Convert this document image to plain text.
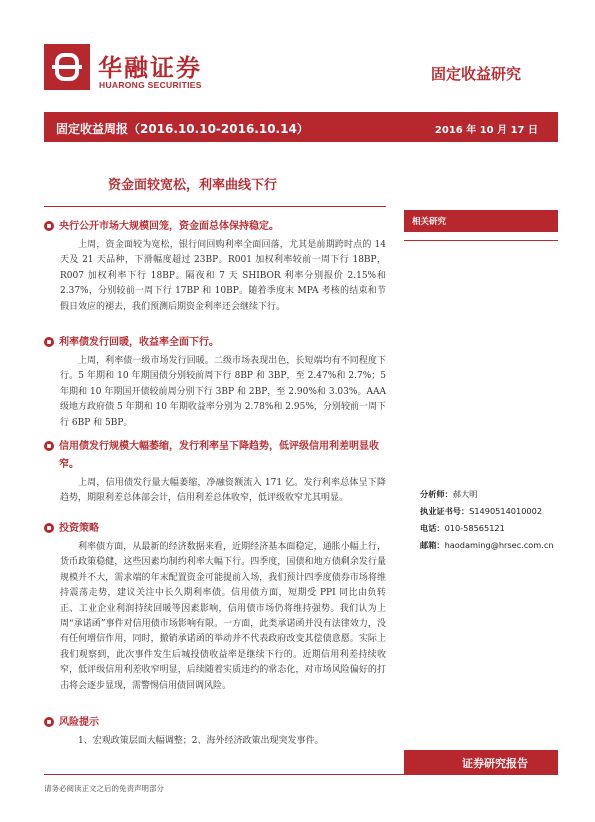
华融证券
HUARONG SECURITIES
固定收益研究
固定收益周报（2016.10.10-2016.10.14）	2016 年 10 月 17 日
资金面较宽松，利率曲线下行
央行公开市场大规模回笼，资金面总体保持稳定。

上周，资金面较为宽松，银行间回购利率全面回落，尤其是前期跨时点的 14 天及 21 天品种，下滑幅度超过 23BP。R001 加权利率较前一周下行 18BP，R007 加权利率下行 18BP。隔夜和 7 天 SHIBOR 利率分别报价 2.15%和 2.37%，分别较前一周下行 17BP 和 10BP。随着季度末 MPA 考核的结束和节假日效应的褪去，我们预测后期资金利率还会继续下行。

利率债发行回暖，收益率全面下行。

上周，利率债一级市场发行回暖。二级市场表现出色，长短端均有不同程度下行。5 年期和 10 年期国债分别较前周下行 8BP 和 3BP，至 2.47%和 2.7%；5 年期和 10 年期国开债较前周分别下行 3BP 和 2BP，至 2.90%和 3.03%。AAA 级地方政府债 5 年期和 10 年期收益率分别为 2.78%和 2.95%，分别较前一周下行 6BP 和 5BP。

信用债发行规模大幅萎缩，发行利率呈下降趋势，低评级信用利差明显收窄。

上周，信用债发行量大幅萎缩，净融资额流入 171 亿。发行利率总体呈下降趋势，期限利差总体部会计，信用利差总体收窄，低评级收窄尤其明显。

投资策略

利率债方面，从最新的经济数据来看，近期经济基本面稳定，通胀小幅上行，货币政策稳健，这些因素均制约利率大幅下行。四季度，国债和地方债剩余发行量规模并不大，需求端的年末配置资金可能提前入场，我们预计四季度债券市场将维持震荡走势，建议关注中长久期利率债。信用债方面，短期受 PPI 同比由负转正、工业企业利润持续回暖等因素影响，信用债市场仍将维持强势。我们认为上周“承诺函”事件对信用债市场影响有限。一方面，此类承诺函并没有法律效力，没有任何增信作用，同时，撤销承诺函的举动并不代表政府改变其偿债意愿。实际上我们观察到，此次事件发生后城投债收益率是继续下行的。近期信用利差持续收窄，低评级信用利差收窄明显，后续随着实质违约的常态化，对市场风险偏好的打击将会逐步显现，需警惕信用债回调风险。

风险提示

1、宏观政策层面大幅调整；2、海外经济政策出现突发事件。

相关研究
分析师：郝大明
执业证书号：S1490514010002
电话：010-58565121
邮箱：haodaming@hrsec.com.cn
证券研究报告
请务必阅读正文之后的免责声明部分
